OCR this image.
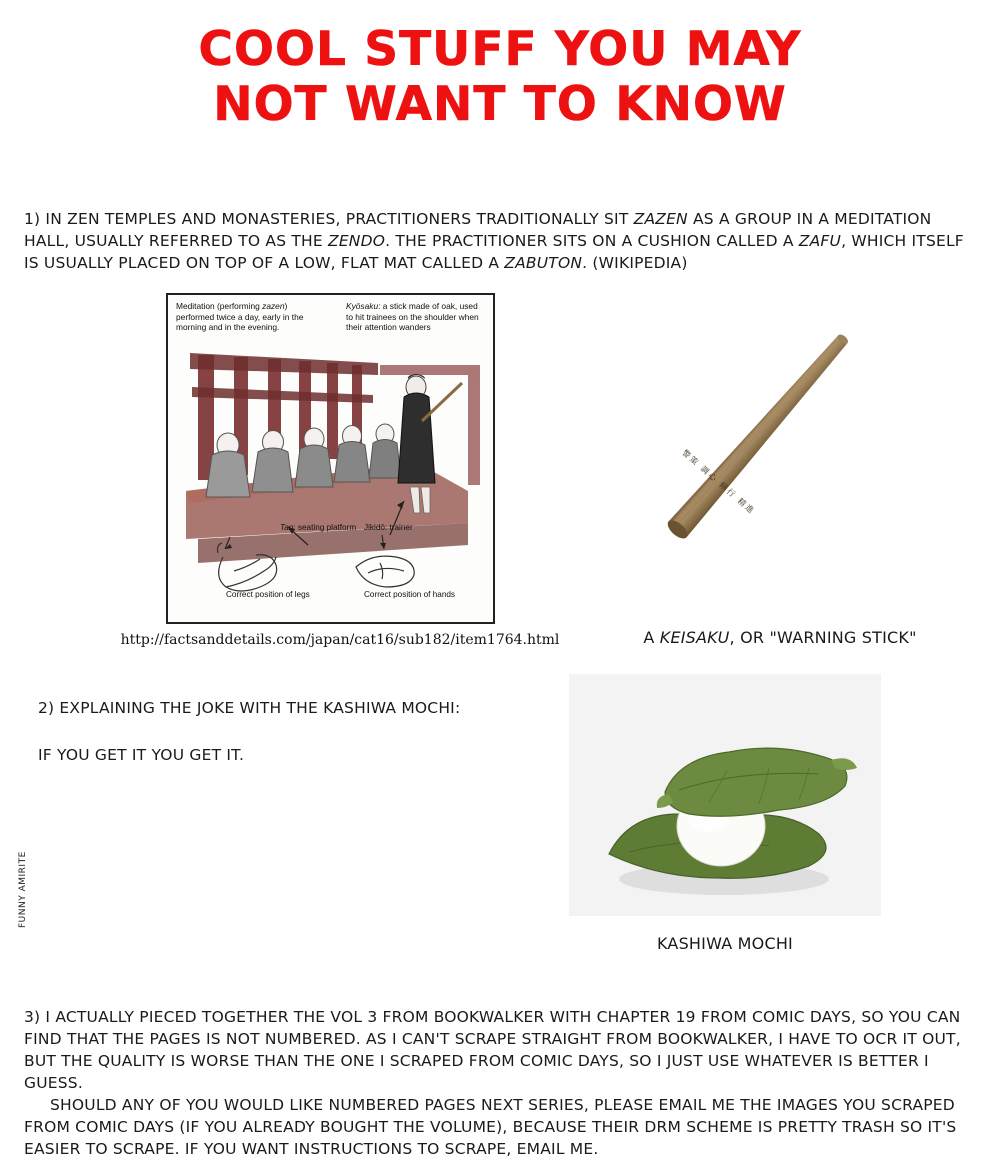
COOL STUFF YOU MAY
NOT WANT TO KNOW
1) IN ZEN TEMPLES AND MONASTERIES, PRACTITIONERS TRADITIONALLY SIT ZAZEN AS A GROUP IN A MEDITATION HALL, USUALLY REFERRED TO AS THE ZENDO. THE PRACTITIONER SITS ON A CUSHION CALLED A ZAFU, WHICH ITSELF IS USUALLY PLACED ON TOP OF A LOW, FLAT MAT CALLED A ZABUTON. (WIKIPEDIA)
Meditation (performing zazen) performed twice a day, early in the morning and in the evening.
Kyōsaku: a stick made of oak, used to hit trainees on the shoulder when their attention wanders
Tan: seating platform Jikidō: trainer
Correct position of legs	Correct position of hands
http://factsanddetails.com/japan/cat16/sub182/item1764.html
警策 調心 修行 精進
A KEISAKU, OR "WARNING STICK"
KASHIWA MOCHI
2) EXPLAINING THE JOKE WITH THE KASHIWA MOCHI:
IF YOU GET IT YOU GET IT.
FUNNY AMIRITE
3) I ACTUALLY PIECED TOGETHER THE VOL 3 FROM BOOKWALKER WITH CHAPTER 19 FROM COMIC DAYS, SO YOU CAN FIND THAT THE PAGES IS NOT NUMBERED. AS I CAN'T SCRAPE STRAIGHT FROM BOOKWALKER, I HAVE TO OCR IT OUT, BUT THE QUALITY IS WORSE THAN THE ONE I SCRAPED FROM COMIC DAYS, SO I JUST USE WHATEVER IS BETTER I GUESS.
SHOULD ANY OF YOU WOULD LIKE NUMBERED PAGES NEXT SERIES, PLEASE EMAIL ME THE IMAGES YOU SCRAPED FROM COMIC DAYS (IF YOU ALREADY BOUGHT THE VOLUME), BECAUSE THEIR DRM SCHEME IS PRETTY TRASH SO IT'S EASIER TO SCRAPE. IF YOU WANT INSTRUCTIONS TO SCRAPE, EMAIL ME.
